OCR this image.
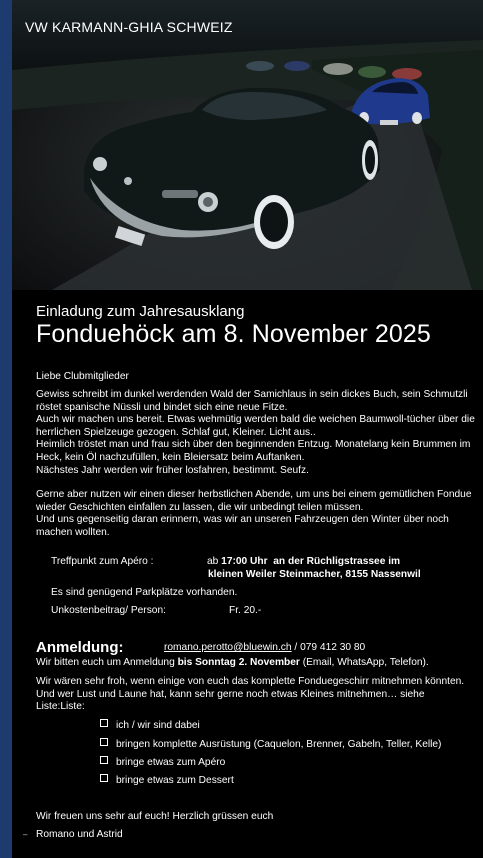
VW KARMANN-GHIA SCHWEIZ
Einladung zum Jahresausklang
Fonduehöck am 8. November 2025
Liebe Clubmitglieder
Gewiss schreibt im dunkel werdenden Wald der Samichlaus in sein dickes Buch, sein Schmutzli röstet spanische Nüssli und bindet sich eine neue Fitze.
Auch wir machen uns bereit. Etwas wehmütig werden bald die weichen Baumwoll-tücher über die herrlichen Spielzeuge gezogen. Schlaf gut, Kleiner. Licht aus..
Heimlich tröstet man und frau sich über den beginnenden Entzug. Monatelang kein Brummen im Heck, kein Öl nachzufüllen, kein Bleiersatz beim Auftanken.
Nächstes Jahr werden wir früher losfahren, bestimmt. Seufz.
Gerne aber nutzen wir einen dieser herbstlichen Abende, um uns bei einem gemütlichen Fondue wieder Geschichten einfallen zu lassen, die wir unbedingt teilen müssen.
Und uns gegenseitig daran erinnern, was wir an unseren Fahrzeugen den Winter über noch machen wollten.
Treffpunkt zum Apéro :	ab 17:00 Uhr  an der Rüchligstrassee im
kleinen Weiler Steinmacher, 8155 Nassenwil
Es sind genügend Parkplätze vorhanden.
Unkostenbeitrag/ Person:	Fr. 20.-
Anmeldung:	romano.perotto@bluewin.ch / 079 412 30 80
Wir bitten euch um Anmeldung bis Sonntag 2. November (Email, WhatsApp, Telefon).
Wir wären sehr froh, wenn einige von euch das komplette Fonduegeschirr mitnehmen könnten. Und wer Lust und Laune hat, kann sehr gerne noch etwas Kleines mitnehmen… siehe Liste:Liste:
ich / wir sind dabei
bringen komplette Ausrüstung (Caquelon, Brenner, Gabeln, Teller, Kelle)
bringe etwas zum Apéro
bringe etwas zum Dessert
Wir freuen uns sehr auf euch! Herzlich grüssen euch
Romano und Astrid
–
